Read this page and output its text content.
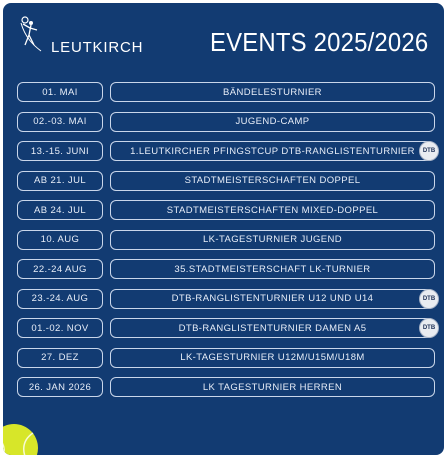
LEUTKIRCH	EVENTS 2025/2026
01. MAI	BÄNDELESTURNIER
02.-03. MAI	JUGEND-CAMP
13.-15. JUNI	1.LEUTKIRCHER PFINGSTCUP DTB-RANGLISTENTURNIER	DTB
AB 21. JUL	STADTMEISTERSCHAFTEN DOPPEL
AB 24. JUL	STADTMEISTERSCHAFTEN MIXED-DOPPEL
10. AUG	LK-TAGESTURNIER JUGEND
22.-24 AUG	35.STADTMEISTERSCHAFT LK-TURNIER
23.-24. AUG	DTB-RANGLISTENTURNIER U12 UND U14	DTB
01.-02. NOV	DTB-RANGLISTENTURNIER DAMEN A5	DTB
27. DEZ	LK-TAGESTURNIER U12M/U15M/U18M
26. JAN 2026	LK TAGESTURNIER HERREN
